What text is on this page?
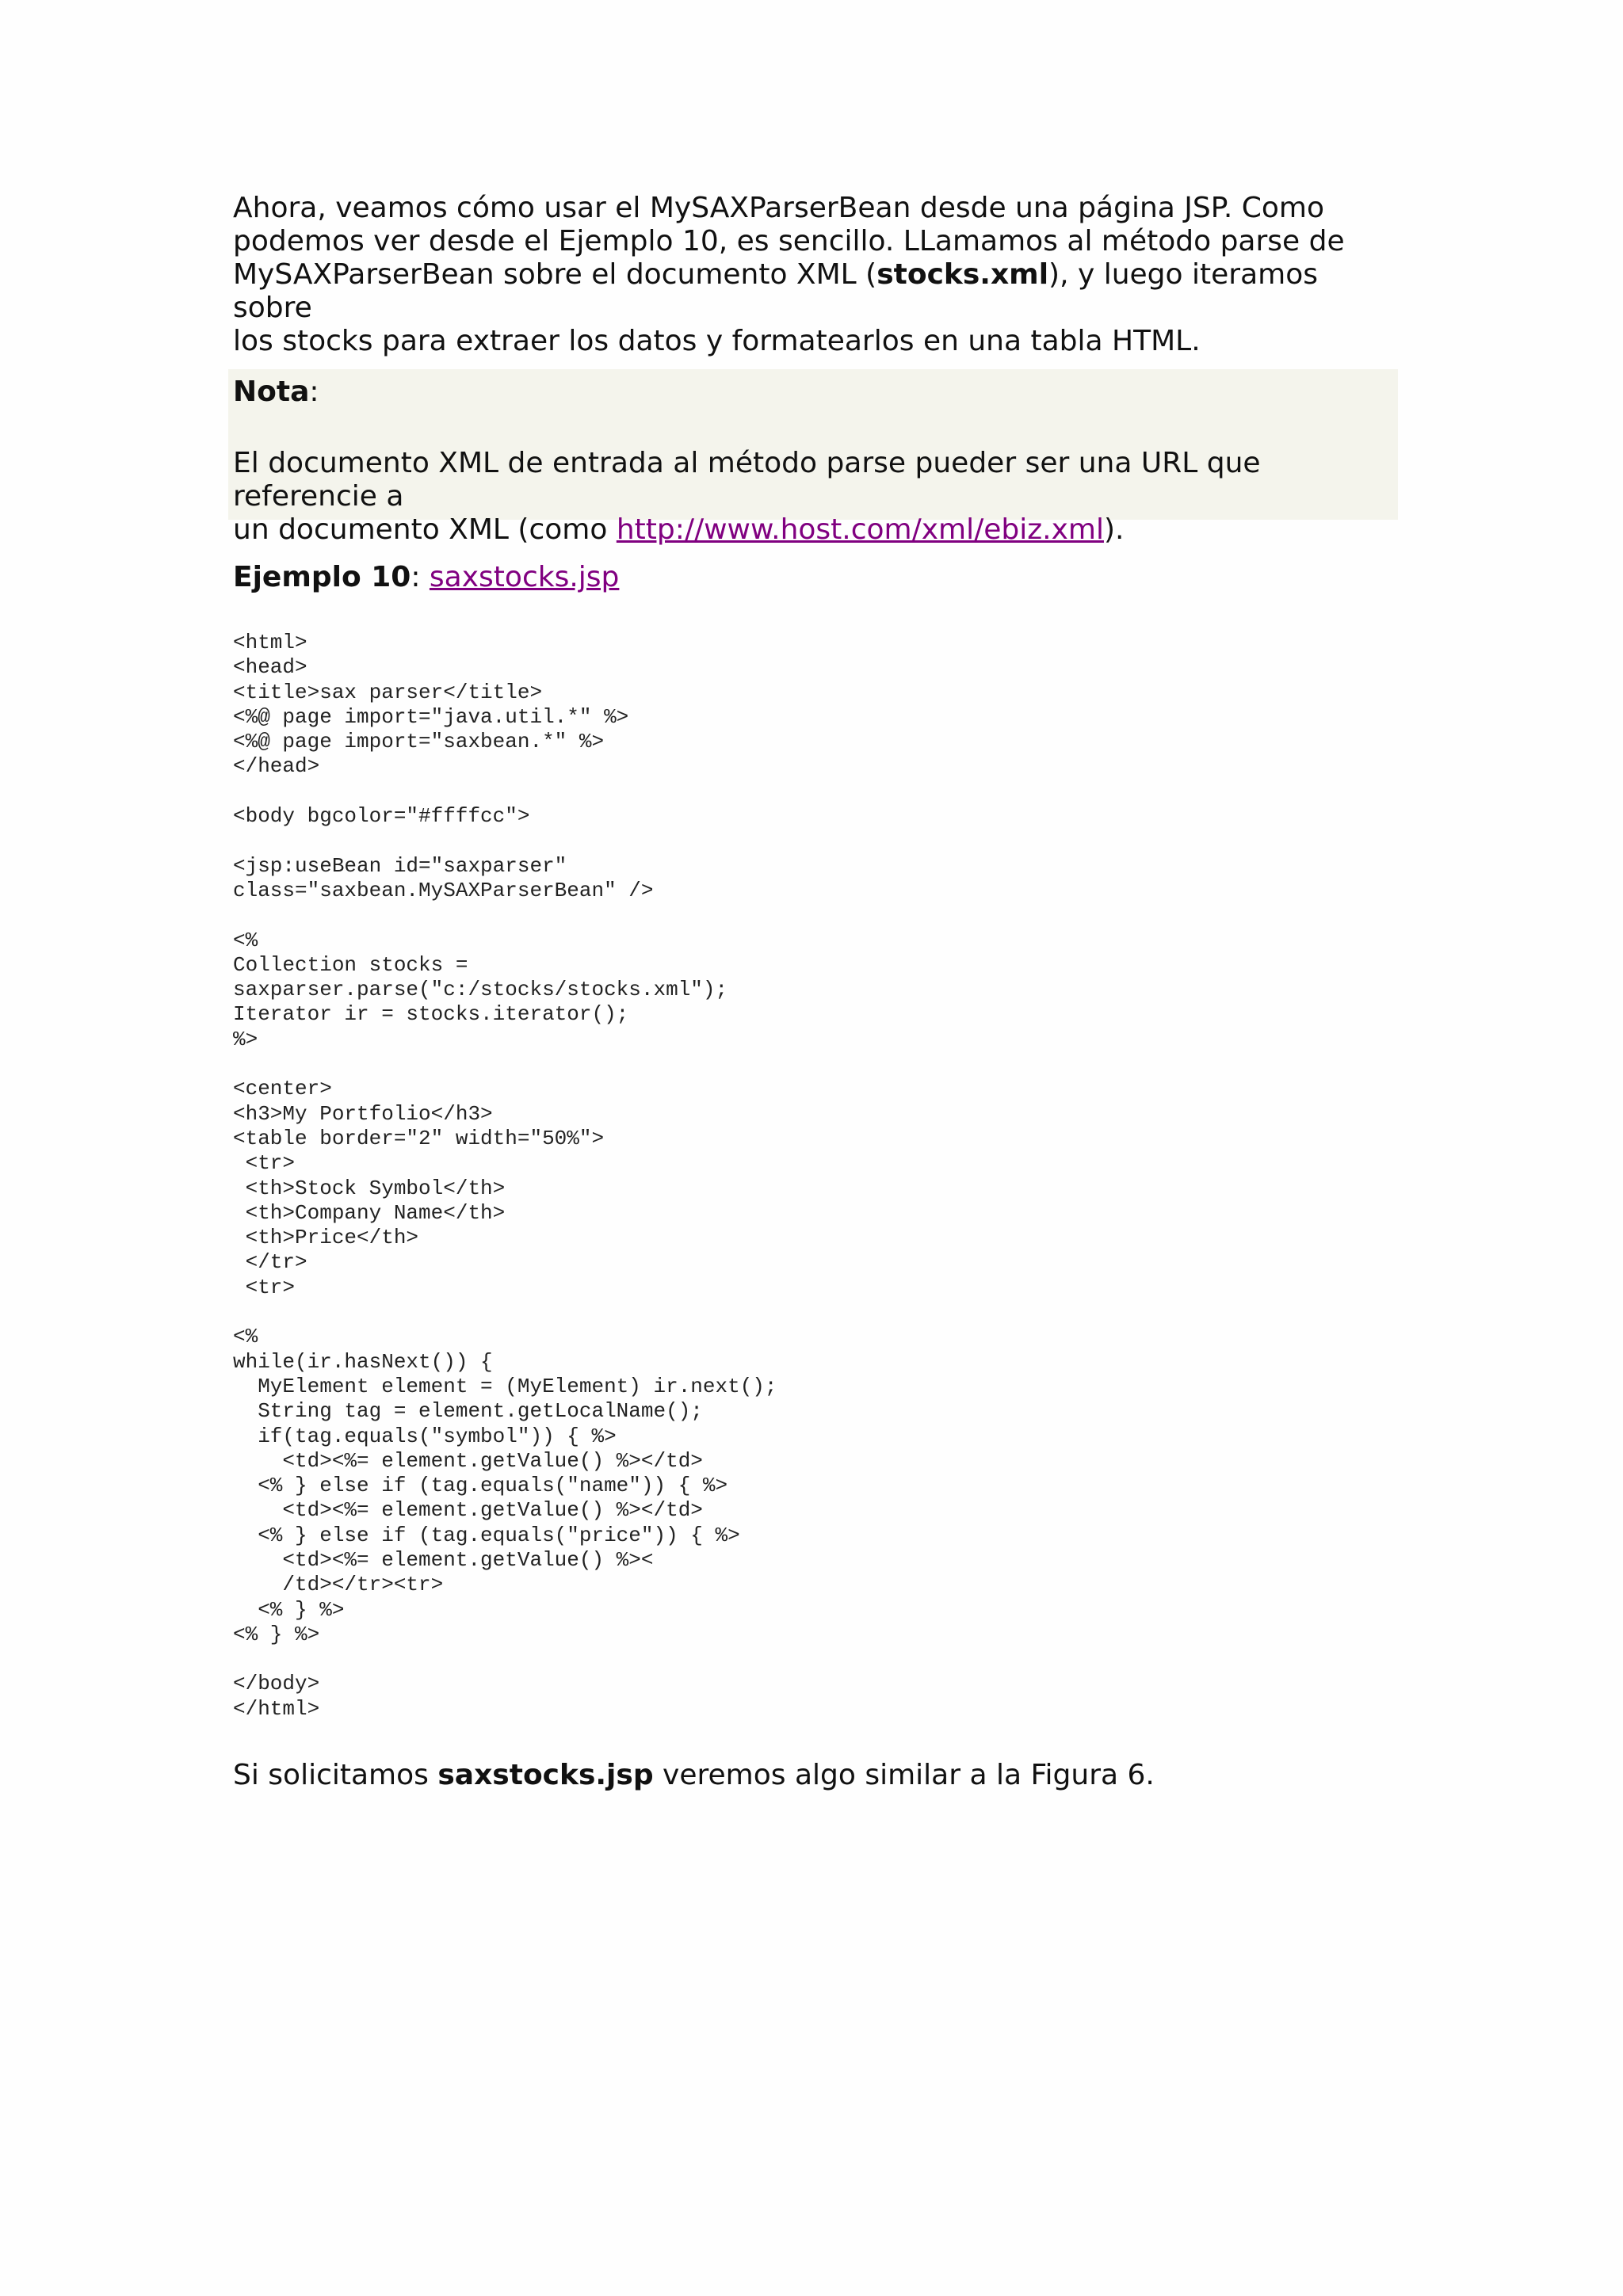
Ahora, veamos cómo usar el MySAXParserBean desde una página JSP. Como

podemos ver desde el Ejemplo 10, es sencillo. LLamamos al método parse de

MySAXParserBean sobre el documento XML (stocks.xml), y luego iteramos sobre

los stocks para extraer los datos y formatearlos en una tabla HTML.

Nota:
El documento XML de entrada al método parse pueder ser una URL que referencie a
un documento XML (como http://www.host.com/xml/ebiz.xml).
Ejemplo 10: saxstocks.jsp
<html>
<head>
<title>sax parser</title>
<%@ page import="java.util.*" %>
<%@ page import="saxbean.*" %>
</head>
<body bgcolor="#ffffcc">
<jsp:useBean id="saxparser"
class="saxbean.MySAXParserBean" />
<%
Collection stocks =
saxparser.parse("c:/stocks/stocks.xml");
Iterator ir = stocks.iterator();
%>
<center>
<h3>My Portfolio</h3>
<table border="2" width="50%">
<tr>
<th>Stock Symbol</th>
<th>Company Name</th>
<th>Price</th>
</tr>
<tr>
<%
while(ir.hasNext()) {
MyElement element = (MyElement) ir.next();
String tag = element.getLocalName();
if(tag.equals("symbol")) { %>
<td><%= element.getValue() %></td>
<% } else if (tag.equals("name")) { %>
<td><%= element.getValue() %></td>
<% } else if (tag.equals("price")) { %>
<td><%= element.getValue() %><
/td></tr><tr>
<% } %>
<% } %>
</body>
</html>
Si solicitamos saxstocks.jsp veremos algo similar a la Figura 6.
